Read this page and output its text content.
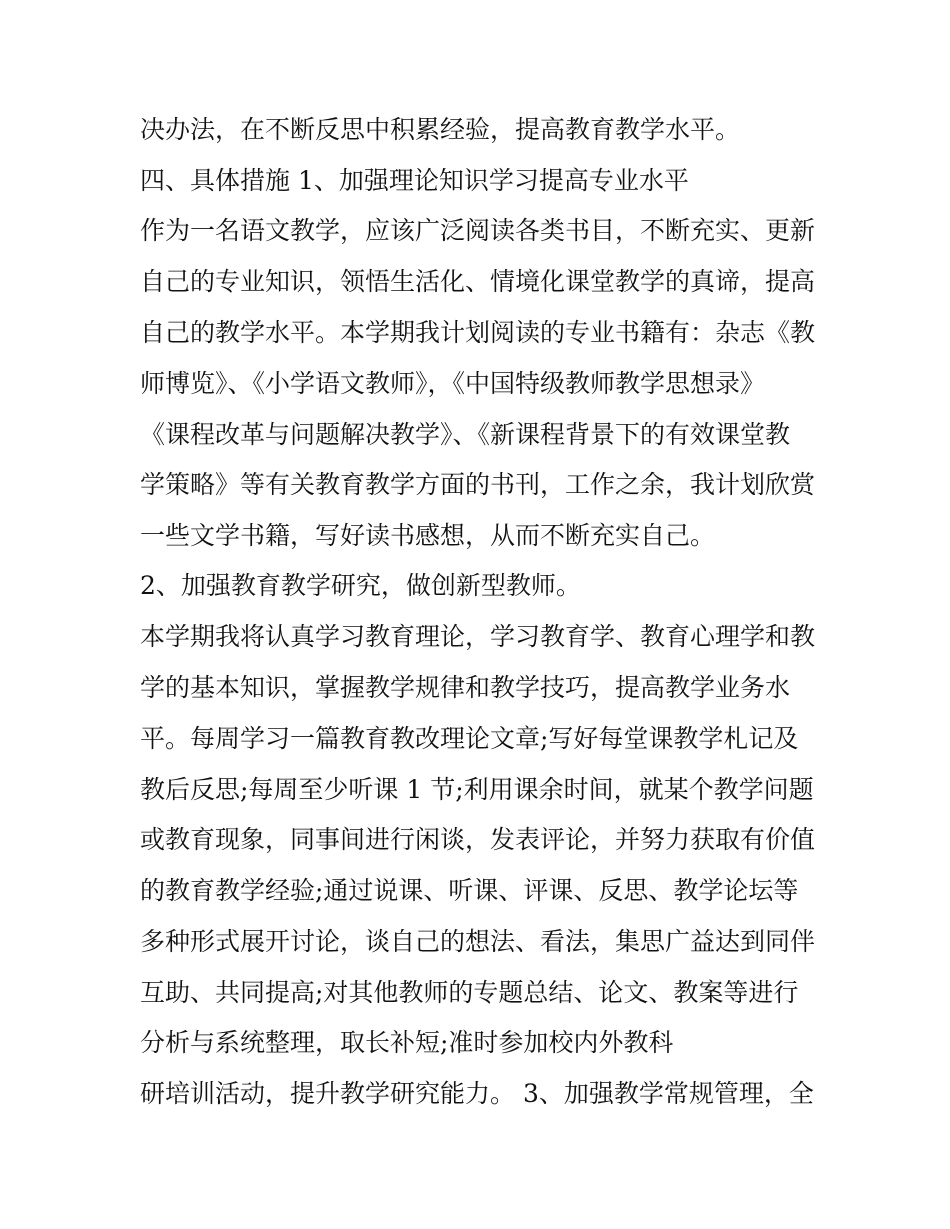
决办法，在不断反思中积累经验，提高教育教学水平。
四、具体措施 1、加强理论知识学习提高专业水平
作为一名语文教学，应该广泛阅读各类书目，不断充实、更新
自己的专业知识，领悟生活化、情境化课堂教学的真谛，提高
自己的教学水平。本学期我计划阅读的专业书籍有：杂志《教
师博览》、《小学语文教师》，《中国特级教师教学思想录》
《课程改革与问题解决教学》、《新课程背景下的有效课堂教
学策略》等有关教育教学方面的书刊，工作之余，我计划欣赏
一些文学书籍，写好读书感想，从而不断充实自己。
2、加强教育教学研究，做创新型教师。
本学期我将认真学习教育理论，学习教育学、教育心理学和教
学的基本知识，掌握教学规律和教学技巧，提高教学业务水
平。每周学习一篇教育教改理论文章;写好每堂课教学札记及
教后反思;每周至少听课 1 节;利用课余时间，就某个教学问题
或教育现象，同事间进行闲谈，发表评论，并努力获取有价值
的教育教学经验;通过说课、听课、评课、反思、教学论坛等
多种形式展开讨论，谈自己的想法、看法，集思广益达到同伴
互助、共同提高;对其他教师的专题总结、论文、教案等进行
分析与系统整理，取长补短;准时参加校内外教科
研培训活动，提升教学研究能力。 3、加强教学常规管理，全
